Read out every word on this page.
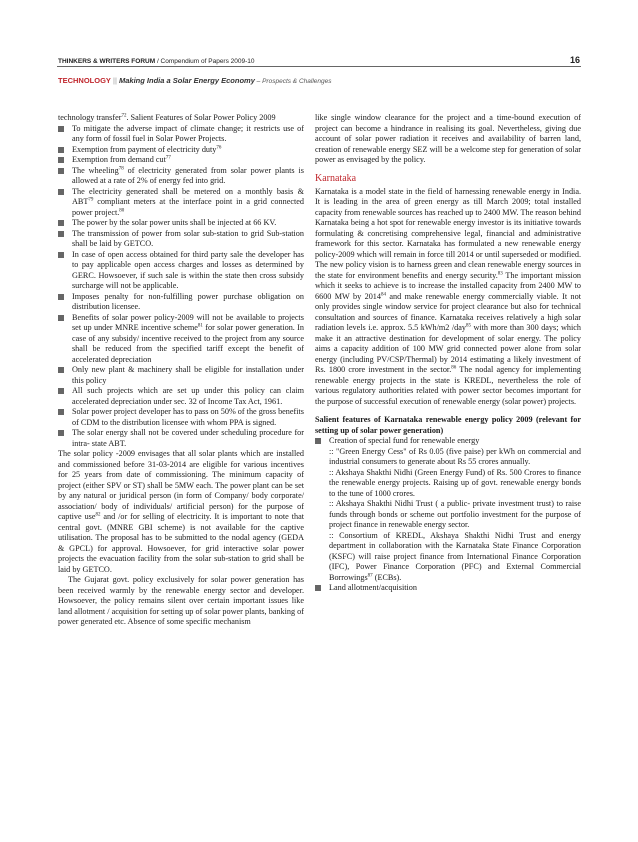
16
THINKERS & WRITERS FORUM / Compendium of Papers 2009-10
TECHNOLOGY || Making India a Solar Energy Economy – Prospects & Challenges

technology transfer$^{72}$. Salient Features of Solar Power Policy 2009

To mitigate the adverse impact of climate change; it restricts use of any form of fossil fuel in Solar Power Projects.
Exemption from payment of electricity duty$^{76}$
Exemption from demand cut$^{77}$
The wheeling$^{78}$ of electricity generated from solar power plants is allowed at a rate of 2% of energy fed into grid.
The electricity generated shall be metered on a monthly basis & ABT$^{79}$ compliant meters at the interface point in a grid connected power project.$^{80}$
The power by the solar power units shall be injected at 66 KV.
The transmission of power from solar sub-station to grid Sub-station shall be laid by GETCO.
In case of open access obtained for third party sale the developer has to pay applicable open access charges and losses as determined by GERC. Howsoever, if such sale is within the state then cross subsidy surcharge will not be applicable.
Imposes penalty for non-fulfilling power purchase obligation on distribution licensee.
Benefits of solar power policy-2009 will not be available to projects set up under MNRE incentive scheme$^{81}$ for solar power generation. In case of any subsidy/ incentive received to the project from any source shall be reduced from the specified tariff except the benefit of accelerated depreciation
Only new plant & machinery shall be eligible for installation under this policy
All such projects which are set up under this policy can claim accelerated depreciation under sec. 32 of Income Tax Act, 1961.
Solar power project developer has to pass on 50% of the gross benefits of CDM to the distribution licensee with whom PPA is signed.
The solar energy shall not be covered under scheduling procedure for intra- state ABT.

The solar policy -2009 envisages that all solar plants which are installed and commissioned before 31-03-2014 are eligible for various incentives for 25 years from date of commissioning. The minimum capacity of project (either SPV or ST) shall be 5MW each. The power plant can be set by any natural or juridical person (in form of Company/ body corporate/ association/ body of individuals/ artificial person) for the purpose of captive use$^{82}$ and /or for selling of electricity. It is important to note that central govt. (MNRE GBI scheme) is not available for the captive utilisation. The proposal has to be submitted to the nodal agency (GEDA & GPCL) for approval. Howsoever, for grid interactive solar power projects the evacuation facility from the solar sub-station to grid shall be laid by GETCO.

The Gujarat govt. policy exclusively for solar power generation has been received warmly by the renewable energy sector and developer. Howsoever, the policy remains silent over certain important issues like land allotment / acquisition for setting up of solar power plants, banking of power generated etc. Absence of some specific mechanism

like single window clearance for the project and a time-bound execution of project can become a hindrance in realising its goal. Nevertheless, giving due account of solar power radiation it receives and availability of barren land, creation of renewable energy SEZ will be a welcome step for generation of solar power as envisaged by the policy.

Karnataka

Karnataka is a model state in the field of harnessing renewable energy in India. It is leading in the area of green energy as till March 2009; total installed capacity from renewable sources has reached up to 2400 MW. The reason behind Karnataka being a hot spot for renewable energy investor is its initiative towards formulating & concretising comprehensive legal, financial and administrative framework for this sector. Karnataka has formulated a new renewable energy policy-2009 which will remain in force till 2014 or until superseded or modified. The new policy vision is to harness green and clean renewable energy sources in the state for environment benefits and energy security.$^{83}$ The important mission which it seeks to achieve is to increase the installed capacity from 2400 MW to 6600 MW by 2014$^{84}$ and make renewable energy commercially viable. It not only provides single window service for project clearance but also for technical consultation and sources of finance. Karnataka receives relatively a high solar radiation levels i.e. approx. 5.5 kWh/m2 /day$^{85}$ with more than 300 days; which make it an attractive destination for development of solar energy. The policy aims a capacity addition of 100 MW grid connected power alone from solar energy (including PV/CSP/Thermal) by 2014 estimating a likely investment of Rs. 1800 crore investment in the sector.$^{86}$ The nodal agency for implementing renewable energy projects in the state is KREDL, nevertheless the role of various regulatory authorities related with power sector becomes important for the purpose of successful execution of renewable energy (solar power) projects.

Salient features of Karnataka renewable energy policy 2009 (relevant for setting up of solar power generation)

Creation of special fund for renewable energy
:: "Green Energy Cess" of Rs 0.05 (five paise) per kWh on commercial and industrial consumers to generate about Rs 55 crores annually.
:: Akshaya Shakthi Nidhi (Green Energy Fund) of Rs. 500 Crores to finance the renewable energy projects. Raising up of govt. renewable energy bonds to the tune of 1000 crores.
:: Akshaya Shakthi Nidhi Trust ( a public- private investment trust) to raise funds through bonds or scheme out portfolio investment for the purpose of project finance in renewable energy sector.
:: Consortium of KREDL, Akshaya Shakthi Nidhi Trust and energy department in collaboration with the Karnataka State Finance Corporation (KSFC) will raise project finance from International Finance Corporation (IFC), Power Finance Corporation (PFC) and External Commercial Borrowings$^{87}$ (ECBs).
Land allotment/acquisition
